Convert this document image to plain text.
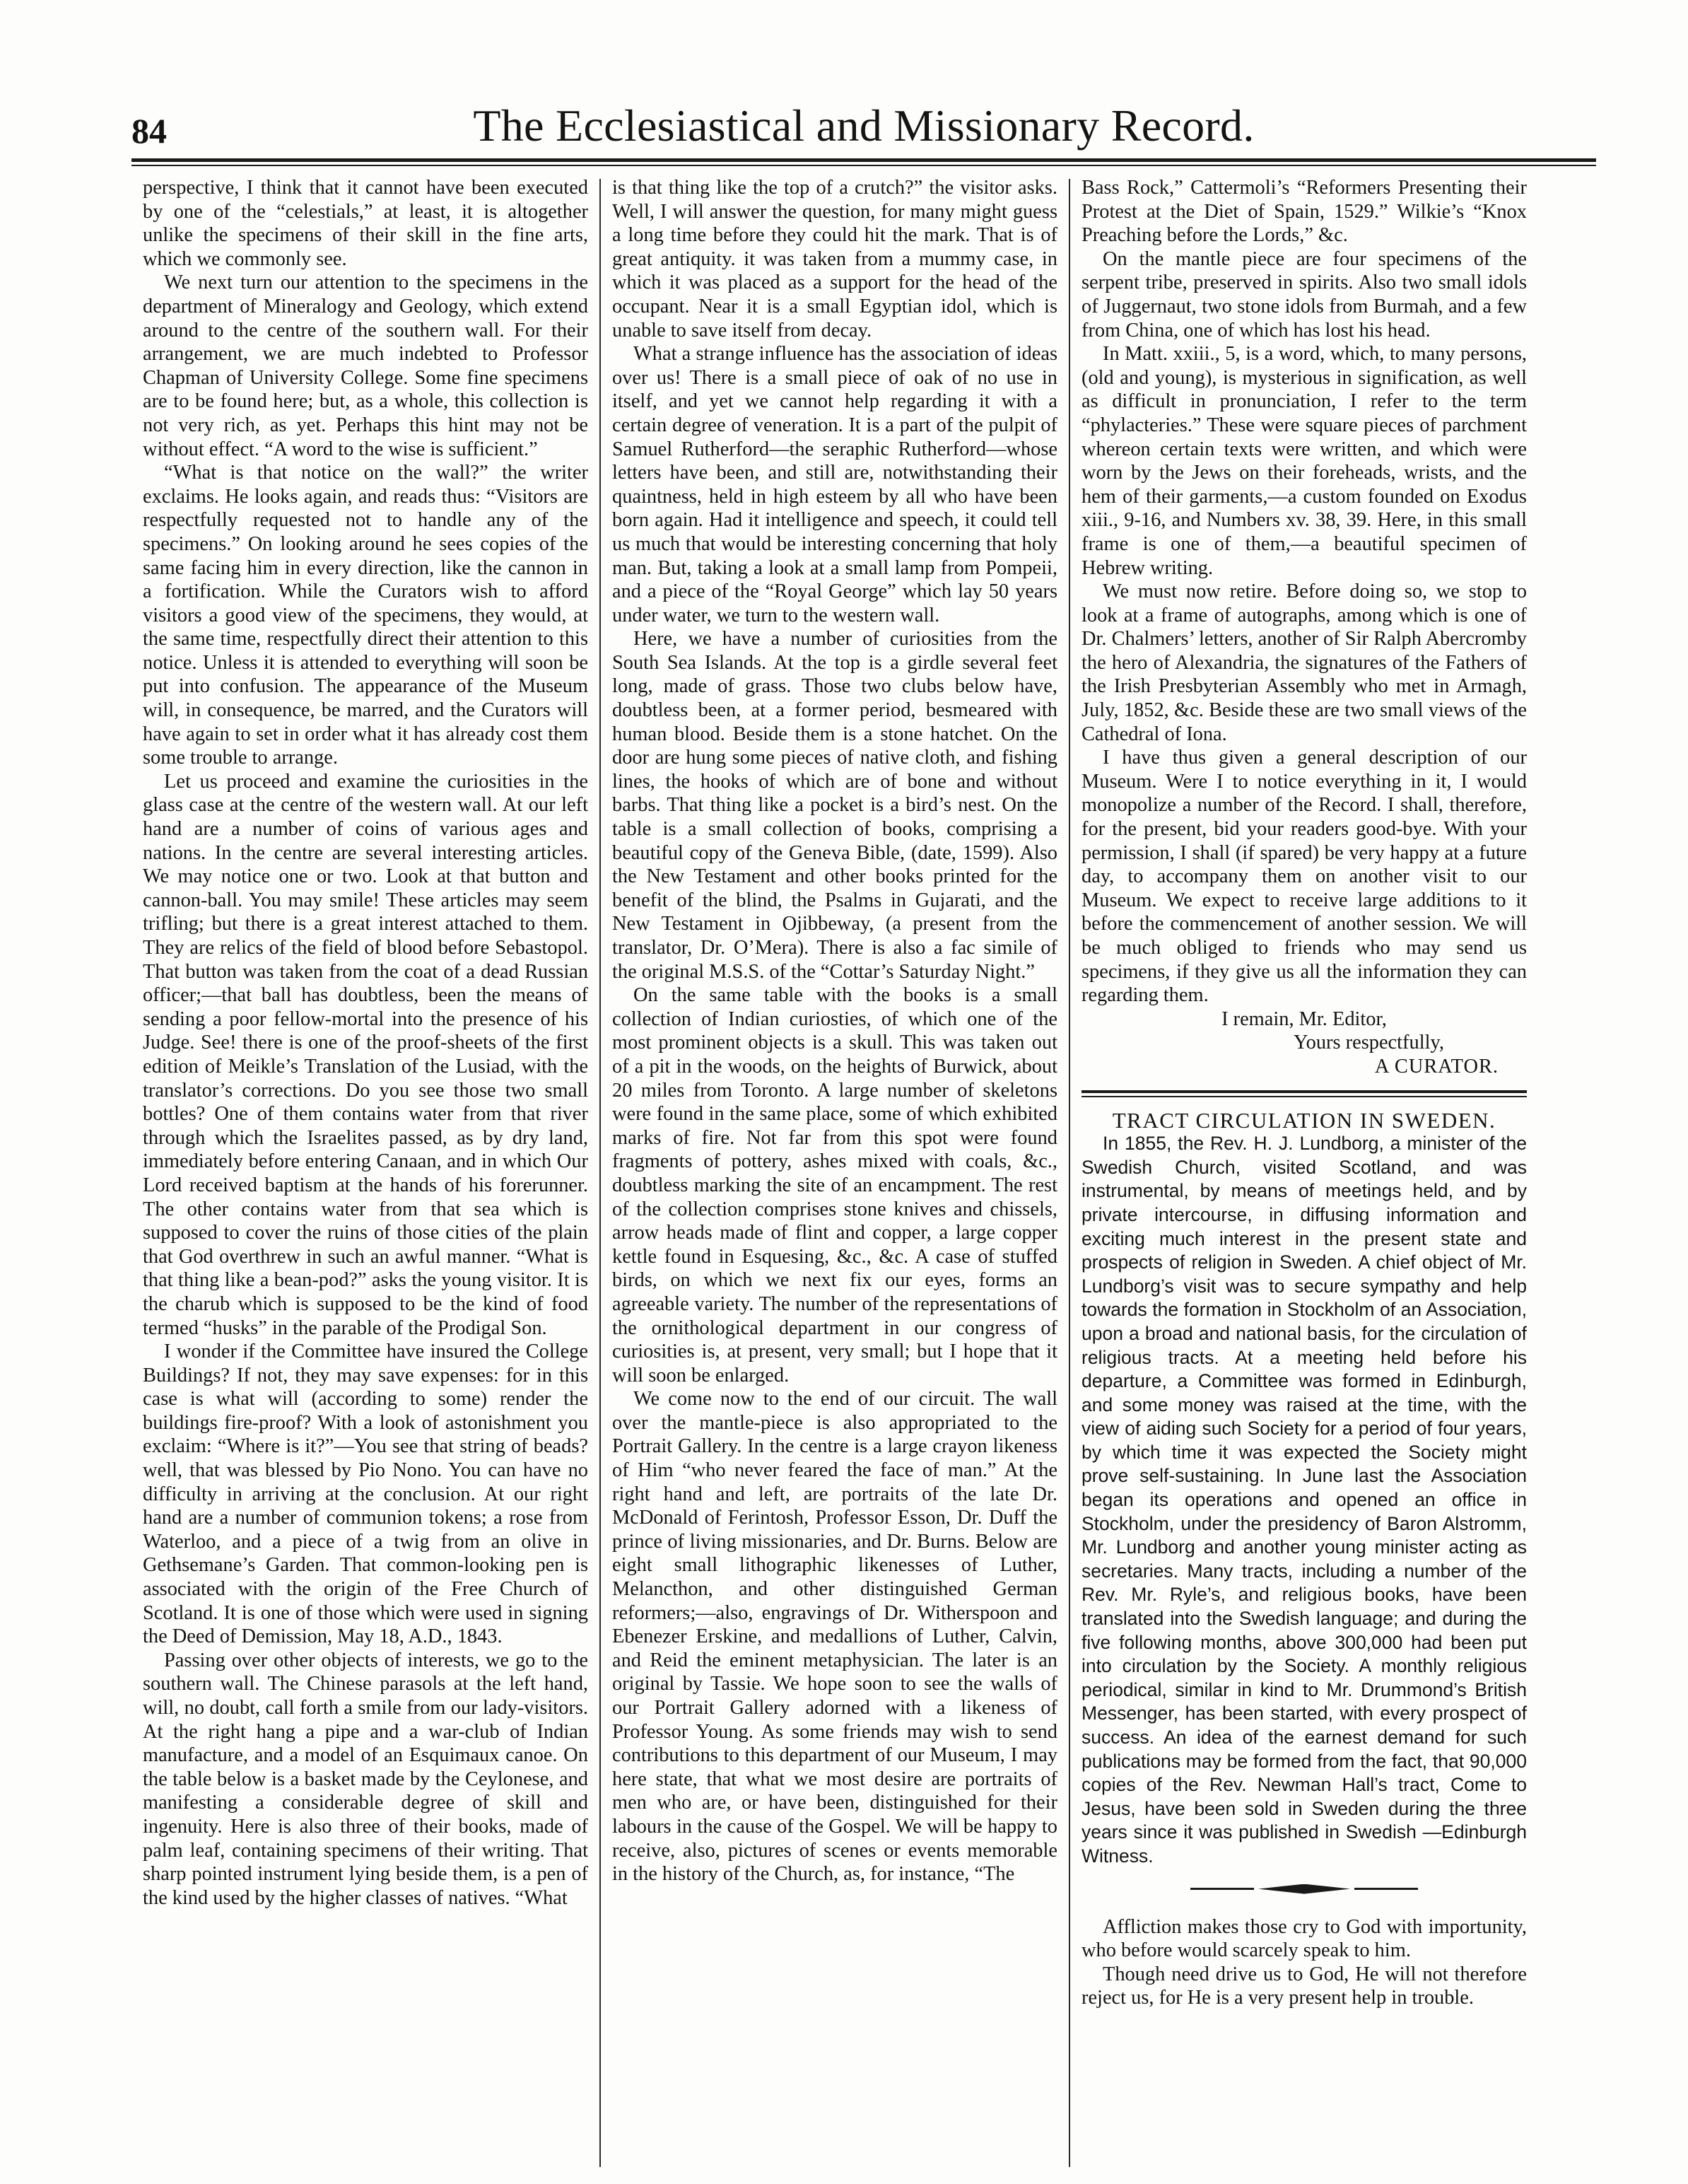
84	The Ecclesiastical and Missionary Record.

perspective, I think that it cannot have been executed by one of the “celestials,” at least, it is altogether unlike the specimens of their skill in the fine arts, which we commonly see.

We next turn our attention to the specimens in the department of Mineralogy and Geology, which extend around to the centre of the southern wall. For their arrangement, we are much indebted to Professor Chapman of University College. Some fine specimens are to be found here; but, as a whole, this collection is not very rich, as yet. Perhaps this hint may not be without effect. “A word to the wise is sufficient.”

“What is that notice on the wall?” the writer exclaims. He looks again, and reads thus: “Visitors are respectfully requested not to handle any of the specimens.” On looking around he sees copies of the same facing him in every direction, like the cannon in a fortification. While the Curators wish to afford visitors a good view of the specimens, they would, at the same time, respectfully direct their attention to this notice. Unless it is attended to everything will soon be put into confusion. The appearance of the Museum will, in consequence, be marred, and the Curators will have again to set in order what it has already cost them some trouble to arrange.

Let us proceed and examine the curiosities in the glass case at the centre of the western wall. At our left hand are a number of coins of various ages and nations. In the centre are several interesting articles. We may notice one or two. Look at that button and cannon-ball. You may smile! These articles may seem trifling; but there is a great interest attached to them. They are relics of the field of blood before Sebastopol. That button was taken from the coat of a dead Russian officer;—that ball has doubtless, been the means of sending a poor fellow-mortal into the presence of his Judge. See! there is one of the proof-sheets of the first edition of Meikle’s Translation of the Lusiad, with the translator’s corrections. Do you see those two small bottles? One of them contains water from that river through which the Israelites passed, as by dry land, immediately before entering Canaan, and in which Our Lord received baptism at the hands of his forerunner. The other contains water from that sea which is supposed to cover the ruins of those cities of the plain that God overthrew in such an awful manner. “What is that thing like a bean-pod?” asks the young visitor. It is the charub which is supposed to be the kind of food termed “husks” in the parable of the Prodigal Son.

I wonder if the Committee have insured the College Buildings? If not, they may save expenses: for in this case is what will (according to some) render the buildings fire-proof? With a look of astonishment you exclaim: “Where is it?”—You see that string of beads? well, that was blessed by Pio Nono. You can have no difficulty in arriving at the conclusion. At our right hand are a number of communion tokens; a rose from Waterloo, and a piece of a twig from an olive in Gethsemane’s Garden. That common-looking pen is associated with the origin of the Free Church of Scotland. It is one of those which were used in signing the Deed of Demission, May 18, A.D., 1843.

Passing over other objects of interests, we go to the southern wall. The Chinese parasols at the left hand, will, no doubt, call forth a smile from our lady-visitors. At the right hang a pipe and a war-club of Indian manufacture, and a model of an Esquimaux canoe. On the table below is a basket made by the Ceylonese, and manifesting a considerable degree of skill and ingenuity. Here is also three of their books, made of palm leaf, containing specimens of their writing. That sharp pointed instrument lying beside them, is a pen of the kind used by the higher classes of natives. “What

is that thing like the top of a crutch?” the visitor asks. Well, I will answer the question, for many might guess a long time before they could hit the mark. That is of great antiquity. it was taken from a mummy case, in which it was placed as a support for the head of the occupant. Near it is a small Egyptian idol, which is unable to save itself from decay.

What a strange influence has the association of ideas over us! There is a small piece of oak of no use in itself, and yet we cannot help regarding it with a certain degree of veneration. It is a part of the pulpit of Samuel Rutherford—the seraphic Rutherford—whose letters have been, and still are, notwithstanding their quaintness, held in high esteem by all who have been born again. Had it intelligence and speech, it could tell us much that would be interesting concerning that holy man. But, taking a look at a small lamp from Pompeii, and a piece of the “Royal George” which lay 50 years under water, we turn to the western wall.

Here, we have a number of curiosities from the South Sea Islands. At the top is a girdle several feet long, made of grass. Those two clubs below have, doubtless been, at a former period, besmeared with human blood. Beside them is a stone hatchet. On the door are hung some pieces of native cloth, and fishing lines, the hooks of which are of bone and without barbs. That thing like a pocket is a bird’s nest. On the table is a small collection of books, comprising a beautiful copy of the Geneva Bible, (date, 1599). Also the New Testament and other books printed for the benefit of the blind, the Psalms in Gujarati, and the New Testament in Ojibbeway, (a present from the translator, Dr. O’Mera). There is also a fac simile of the original M.S.S. of the “Cottar’s Saturday Night.”

On the same table with the books is a small collection of Indian curiosties, of which one of the most prominent objects is a skull. This was taken out of a pit in the woods, on the heights of Burwick, about 20 miles from Toronto. A large number of skeletons were found in the same place, some of which exhibited marks of fire. Not far from this spot were found fragments of pottery, ashes mixed with coals, &c., doubtless marking the site of an encampment. The rest of the collection comprises stone knives and chissels, arrow heads made of flint and copper, a large copper kettle found in Esquesing, &c., &c. A case of stuffed birds, on which we next fix our eyes, forms an agreeable variety. The number of the representations of the ornithological department in our congress of curiosities is, at present, very small; but I hope that it will soon be enlarged.

We come now to the end of our circuit. The wall over the mantle-piece is also appropriated to the Portrait Gallery. In the centre is a large crayon likeness of Him “who never feared the face of man.” At the right hand and left, are portraits of the late Dr. McDonald of Ferintosh, Professor Esson, Dr. Duff the prince of living missionaries, and Dr. Burns. Below are eight small lithographic likenesses of Luther, Melancthon, and other distinguished German reformers;—also, engravings of Dr. Witherspoon and Ebenezer Erskine, and medallions of Luther, Calvin, and Reid the eminent metaphysician. The later is an original by Tassie. We hope soon to see the walls of our Portrait Gallery adorned with a likeness of Professor Young. As some friends may wish to send contributions to this department of our Museum, I may here state, that what we most desire are portraits of men who are, or have been, distinguished for their labours in the cause of the Gospel. We will be happy to receive, also, pictures of scenes or events memorable in the history of the Church, as, for instance, “The

Bass Rock,” Cattermoli’s “Reformers Presenting their Protest at the Diet of Spain, 1529.” Wilkie’s “Knox Preaching before the Lords,” &c.

On the mantle piece are four specimens of the serpent tribe, preserved in spirits. Also two small idols of Juggernaut, two stone idols from Burmah, and a few from China, one of which has lost his head.

In Matt. xxiii., 5, is a word, which, to many persons, (old and young), is mysterious in signification, as well as difficult in pronunciation, I refer to the term “phylacteries.” These were square pieces of parchment whereon certain texts were written, and which were worn by the Jews on their foreheads, wrists, and the hem of their garments,—a custom founded on Exodus xiii., 9-16, and Numbers xv. 38, 39. Here, in this small frame is one of them,—a beautiful specimen of Hebrew writing.

We must now retire. Before doing so, we stop to look at a frame of autographs, among which is one of Dr. Chalmers’ letters, another of Sir Ralph Abercromby the hero of Alexandria, the signatures of the Fathers of the Irish Presbyterian Assembly who met in Armagh, July, 1852, &c. Beside these are two small views of the Cathedral of Iona.

I have thus given a general description of our Museum. Were I to notice everything in it, I would monopolize a number of the Record. I shall, therefore, for the present, bid your readers good-bye. With your permission, I shall (if spared) be very happy at a future day, to accompany them on another visit to our Museum. We expect to receive large additions to it before the commencement of another session. We will be much obliged to friends who may send us specimens, if they give us all the information they can regarding them.

I remain, Mr. Editor,

Yours respectfully,

A CURATOR.

TRACT CIRCULATION IN SWEDEN.

In 1855, the Rev. H. J. Lundborg, a minister of the Swedish Church, visited Scotland, and was instrumental, by means of meetings held, and by private intercourse, in diffusing information and exciting much interest in the present state and prospects of religion in Sweden. A chief object of Mr. Lundborg’s visit was to secure sympathy and help towards the formation in Stockholm of an Association, upon a broad and national basis, for the circulation of religious tracts. At a meeting held before his departure, a Committee was formed in Edinburgh, and some money was raised at the time, with the view of aiding such Society for a period of four years, by which time it was expected the Society might prove self-sustaining. In June last the Association began its operations and opened an office in Stockholm, under the presidency of Baron Alstromm, Mr. Lundborg and another young minister acting as secretaries. Many tracts, including a number of the Rev. Mr. Ryle’s, and religious books, have been translated into the Swedish language; and during the five following months, above 300,000 had been put into circulation by the Society. A monthly religious periodical, similar in kind to Mr. Drummond’s British Messenger, has been started, with every prospect of success. An idea of the earnest demand for such publications may be formed from the fact, that 90,000 copies of the Rev. Newman Hall’s tract, Come to Jesus, have been sold in Sweden during the three years since it was published in Swedish —Edinburgh Witness.

Affliction makes those cry to God with importunity, who before would scarcely speak to him.

Though need drive us to God, He will not therefore reject us, for He is a very present help in trouble.
